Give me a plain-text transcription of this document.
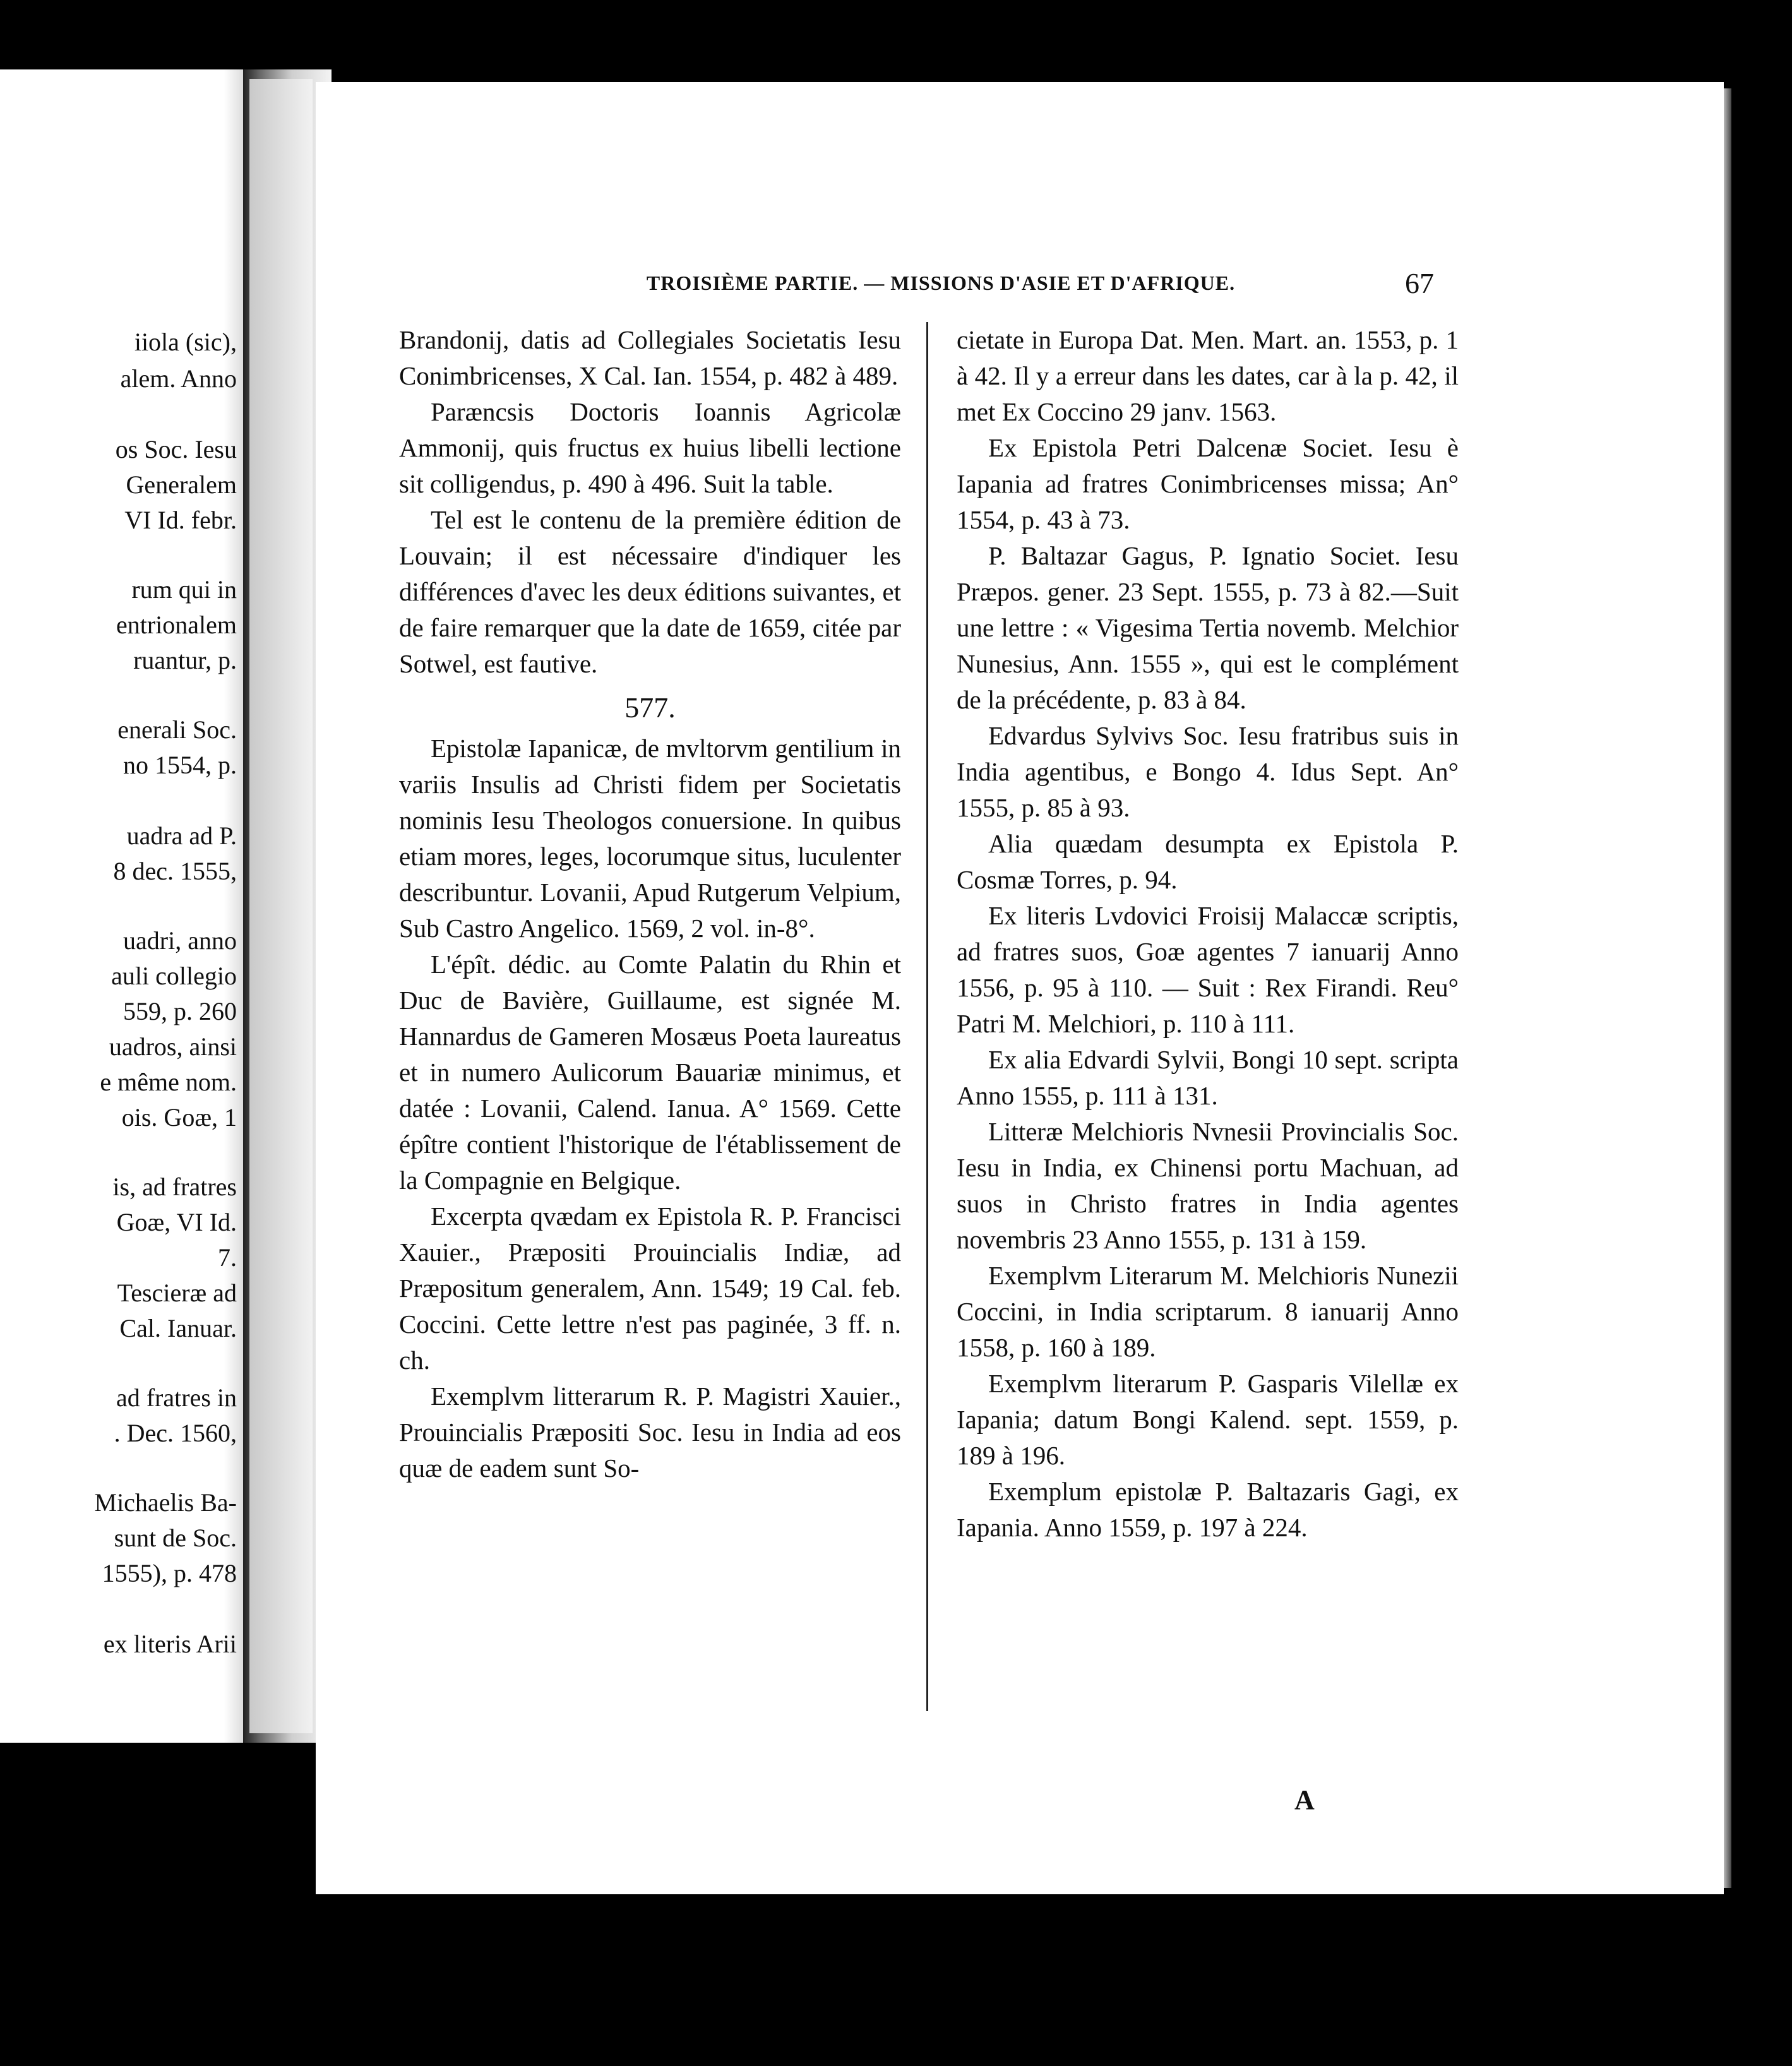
iiola (sic),
alem. Anno
os Soc. Iesu
Generalem
VI Id. febr.
rum qui in
entrionalem
ruantur, p.
enerali Soc.
no 1554, p.
uadra ad P.
8 dec. 1555,
uadri, anno
auli collegio
559, p. 260
uadros, ainsi
e même nom.
ois. Goæ, 1
is, ad fratres
Goæ, VI Id.
7.
Tescieræ ad
Cal. Ianuar.
ad fratres in
. Dec. 1560,
Michaelis Ba-
sunt de Soc.
1555), p. 478
ex literis Arii
TROISIÈME PARTIE. — MISSIONS D'ASIE ET D'AFRIQUE.	67

Brandonij, datis ad Collegiales Societatis Iesu Conimbricenses, X Cal. Ian. 1554, p. 482 à 489.

Paræncsis Doctoris Ioannis Agricolæ Ammonij, quis fructus ex huius libelli lectione sit colligendus, p. 490 à 496. Suit la table.

Tel est le contenu de la première édition de Louvain; il est nécessaire d'indiquer les différences d'avec les deux éditions suivantes, et de faire remarquer que la date de 1659, citée par Sotwel, est fautive.

577.

Epistolæ Iapanicæ, de mvltorvm gentilium in variis Insulis ad Christi fidem per Societatis nominis Iesu Theologos conuersione. In quibus etiam mores, leges, locorumque situs, luculenter describuntur. Lovanii, Apud Rutgerum Velpium, Sub Castro Angelico. 1569, 2 vol. in-8°.

L'épît. dédic. au Comte Palatin du Rhin et Duc de Bavière, Guillaume, est signée M. Hannardus de Gameren Mosæus Poeta laureatus et in numero Aulicorum Bauariæ minimus, et datée : Lovanii, Calend. Ianua. A° 1569. Cette épître contient l'historique de l'établissement de la Compagnie en Belgique.

Excerpta qvædam ex Epistola R. P. Francisci Xauier., Præpositi Prouincialis Indiæ, ad Præpositum generalem, Ann. 1549; 19 Cal. feb. Coccini. Cette lettre n'est pas paginée, 3 ff. n. ch.

Exemplvm litterarum R. P. Magistri Xauier., Prouincialis Præpositi Soc. Iesu in India ad eos quæ de eadem sunt So-

cietate in Europa Dat. Men. Mart. an. 1553, p. 1 à 42. Il y a erreur dans les dates, car à la p. 42, il met Ex Coccino 29 janv. 1563.

Ex Epistola Petri Dalcenæ Societ. Iesu è Iapania ad fratres Conimbricenses missa; An° 1554, p. 43 à 73.

P. Baltazar Gagus, P. Ignatio Societ. Iesu Præpos. gener. 23 Sept. 1555, p. 73 à 82.—Suit une lettre : « Vigesima Tertia novemb. Melchior Nunesius, Ann. 1555 », qui est le complément de la précédente, p. 83 à 84.

Edvardus Sylvivs Soc. Iesu fratribus suis in India agentibus, e Bongo 4. Idus Sept. An° 1555, p. 85 à 93.

Alia quædam desumpta ex Epistola P. Cosmæ Torres, p. 94.

Ex literis Lvdovici Froisij Malaccæ scriptis, ad fratres suos, Goæ agentes 7 ianuarij Anno 1556, p. 95 à 110. — Suit : Rex Firandi. Reu° Patri M. Melchiori, p. 110 à 111.

Ex alia Edvardi Sylvii, Bongi 10 sept. scripta Anno 1555, p. 111 à 131.

Litteræ Melchioris Nvnesii Provincialis Soc. Iesu in India, ex Chinensi portu Machuan, ad suos in Christo fratres in India agentes novembris 23 Anno 1555, p. 131 à 159.

Exemplvm Literarum M. Melchioris Nunezii Coccini, in India scriptarum. 8 ianuarij Anno 1558, p. 160 à 189.

Exemplvm literarum P. Gasparis Vilellæ ex Iapania; datum Bongi Kalend. sept. 1559, p. 189 à 196.

Exemplum epistolæ P. Baltazaris Gagi, ex Iapania. Anno 1559, p. 197 à 224.

A
